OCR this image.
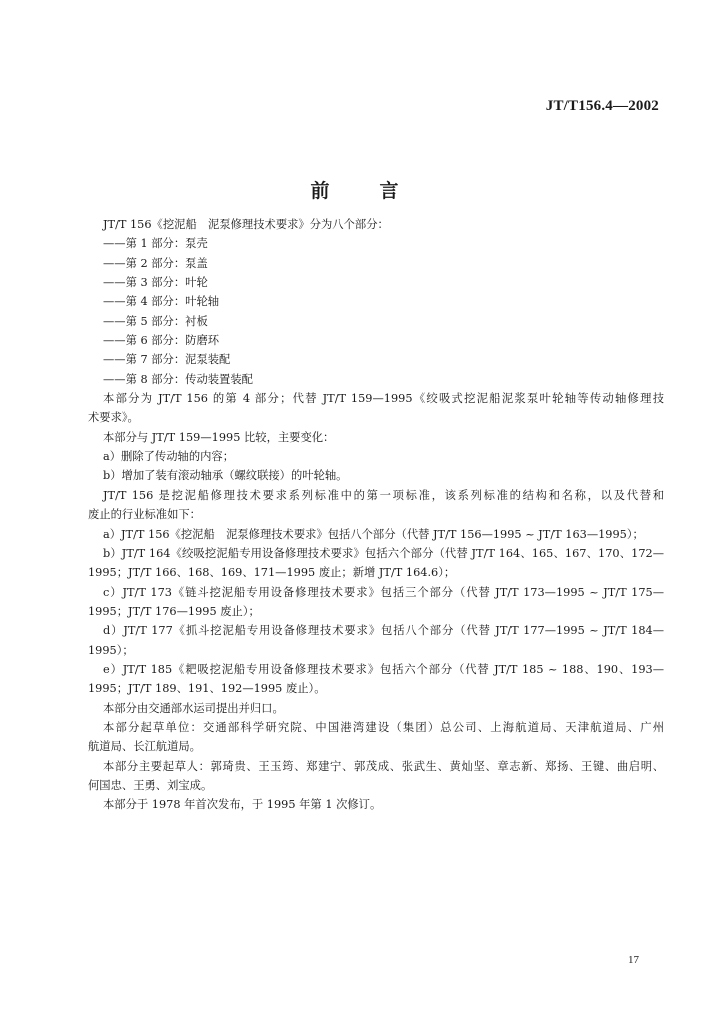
JT/T156.4—2002
前	言
JT/T 156《挖泥船　泥泵修理技术要求》分为八个部分：
——第 1 部分：泵壳
——第 2 部分：泵盖
——第 3 部分：叶轮
——第 4 部分：叶轮轴
——第 5 部分：衬板
——第 6 部分：防磨环
——第 7 部分：泥泵装配
——第 8 部分：传动装置装配
本部分为 JT/T 156 的第 4 部分；代替 JT/T 159—1995《绞吸式挖泥船泥浆泵叶轮轴等传动轴修理技
术要求》。
本部分与 JT/T 159—1995 比较，主要变化：
a）删除了传动轴的内容；
b）增加了装有滚动轴承（螺纹联接）的叶轮轴。
JT/T 156 是挖泥船修理技术要求系列标准中的第一项标准，该系列标准的结构和名称，以及代替和
废止的行业标准如下：
a）JT/T 156《挖泥船　泥泵修理技术要求》包括八个部分（代替 JT/T 156—1995 ~ JT/T 163—1995）；
b）JT/T 164《绞吸挖泥船专用设备修理技术要求》包括六个部分（代替 JT/T 164、165、167、170、172—
1995；JT/T 166、168、169、171—1995 废止；新增 JT/T 164.6）；
c）JT/T 173《链斗挖泥船专用设备修理技术要求》包括三个部分（代替 JT/T 173—1995 ~ JT/T 175—
1995；JT/T 176—1995 废止）；
d）JT/T 177《抓斗挖泥船专用设备修理技术要求》包括八个部分（代替 JT/T 177—1995 ~ JT/T 184—
1995）；
e）JT/T 185《耙吸挖泥船专用设备修理技术要求》包括六个部分（代替 JT/T 185 ~ 188、190、193—
1995；JT/T 189、191、192—1995 废止）。
本部分由交通部水运司提出并归口。
本部分起草单位：交通部科学研究院、中国港湾建设（集团）总公司、上海航道局、天津航道局、广州
航道局、长江航道局。
本部分主要起草人：郭琦贵、王玉筠、郑建宁、郭茂成、张武生、黄灿坚、章志新、郑扬、王键、曲启明、
何国忠、王勇、刘宝成。
本部分于 1978 年首次发布，于 1995 年第 1 次修订。
17
